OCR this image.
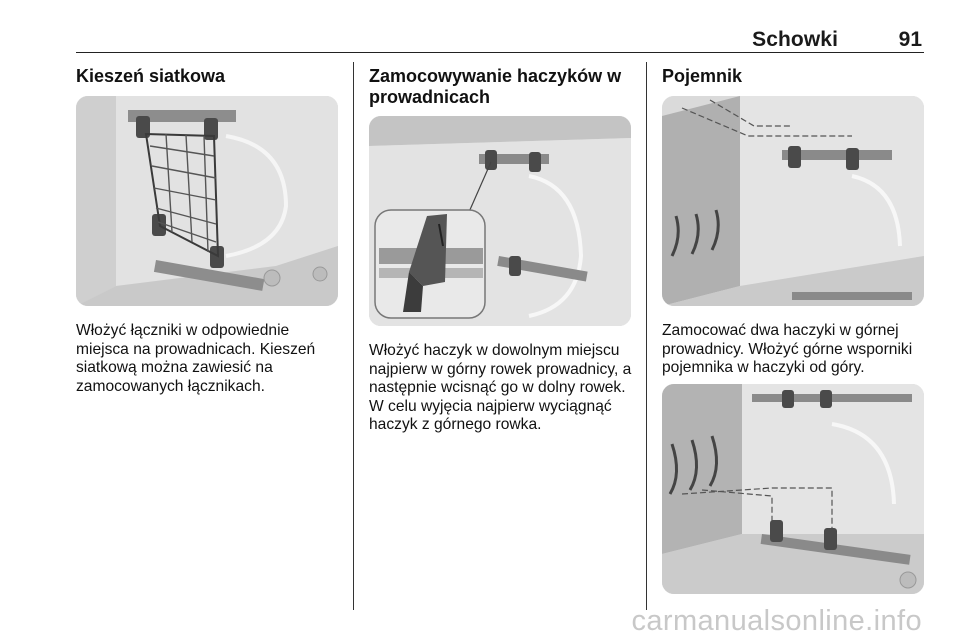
Schowki	91
Kieszeń siatkowa

Włożyć łączniki w odpowiednie miejsca na prowadnicach. Kieszeń siatkową można zawiesić na zamocowanych łącznikach.

Zamocowywanie haczyków w prowadnicach

Włożyć haczyk w dowolnym miejscu najpierw w górny rowek prowadnicy, a następnie wcisnąć go w dolny rowek. W celu wyjęcia najpierw wyciągnąć haczyk z górnego rowka.

Pojemnik

Zamocować dwa haczyki w górnej prowadnicy. Włożyć górne wsporniki pojemnika w haczyki od góry.

carmanualsonline.info
